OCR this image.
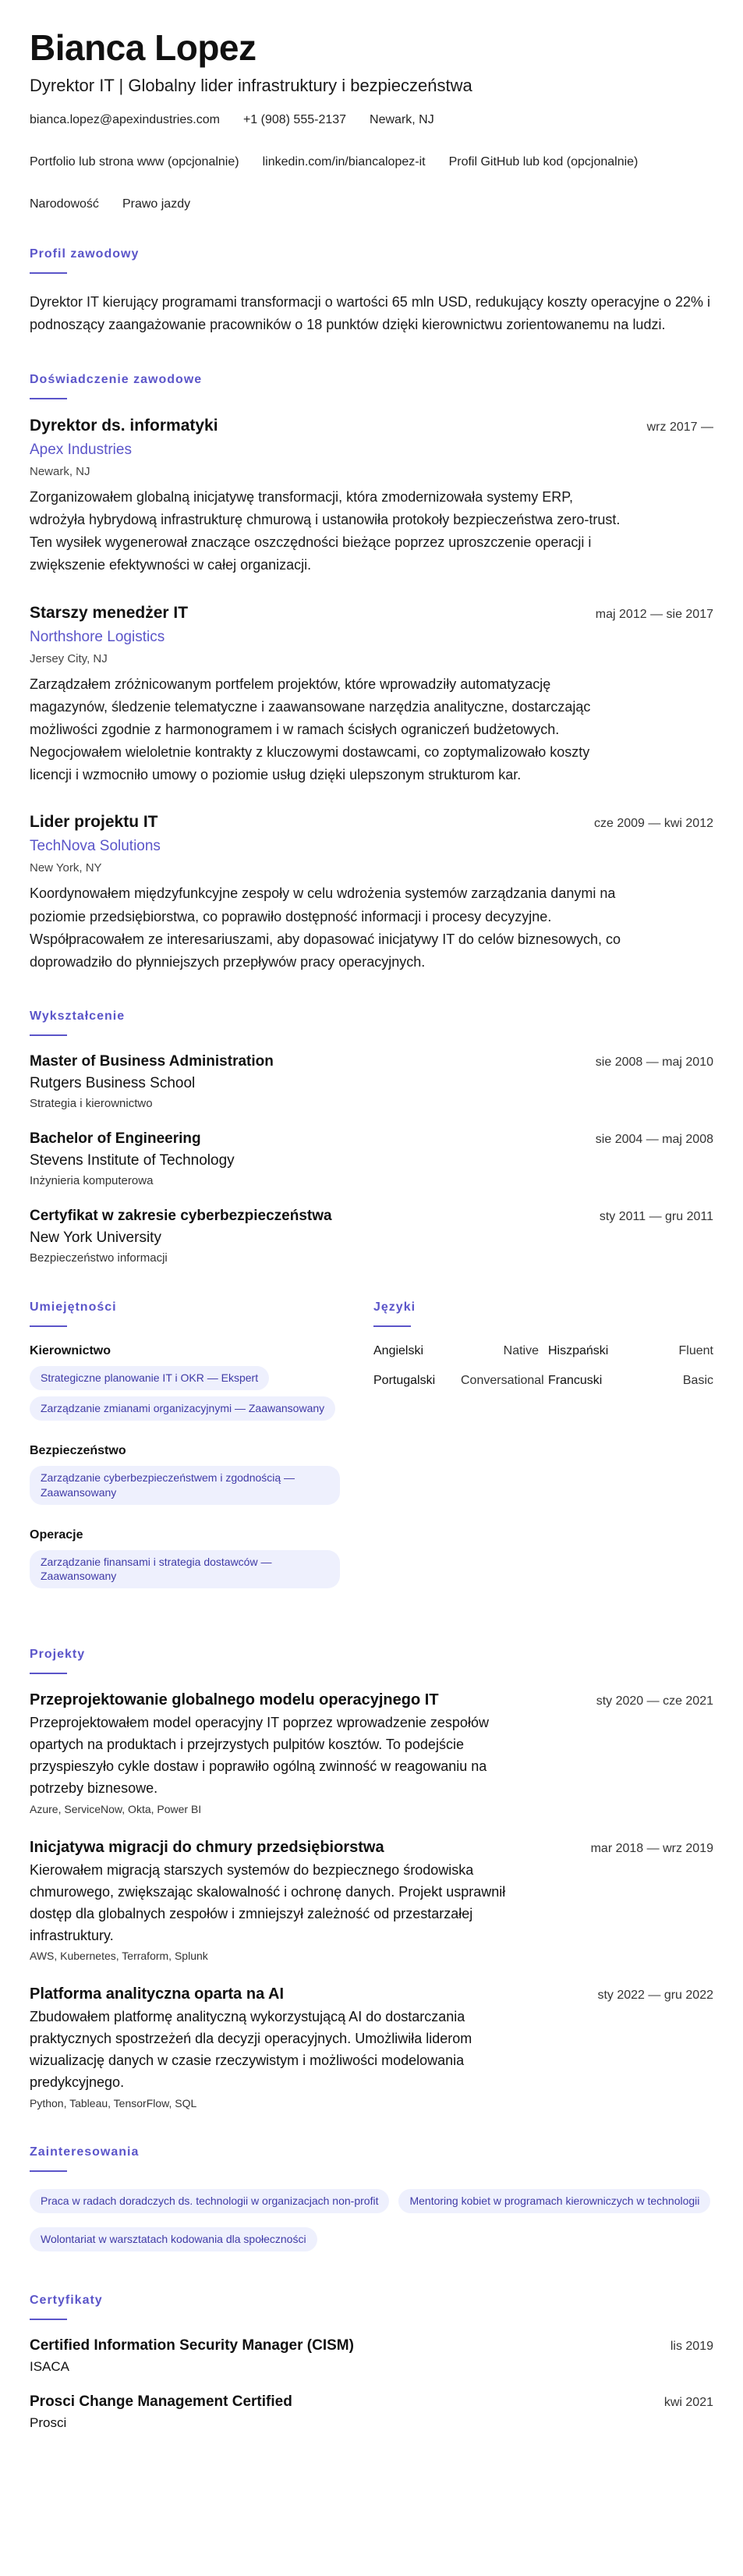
Bianca Lopez
Dyrektor IT | Globalny lider infrastruktury i bezpieczeństwa
bianca.lopez@apexindustries.com +1 (908) 555-2137 Newark, NJ
Portfolio lub strona www (opcjonalnie) linkedin.com/in/biancalopez-it Profil GitHub lub kod (opcjonalnie)
Narodowość Prawo jazdy
Profil zawodowy
Dyrektor IT kierujący programami transformacji o wartości 65 mln USD, redukujący koszty operacyjne o 22% i podnoszący zaangażowanie pracowników o 18 punktów dzięki kierownictwu zorientowanemu na ludzi.
Doświadczenie zawodowe
Dyrektor ds. informatyki	wrz 2017 —
Apex Industries
Newark, NJ
Zorganizowałem globalną inicjatywę transformacji, która zmodernizowała systemy ERP, wdrożyła hybrydową infrastrukturę chmurową i ustanowiła protokoły bezpieczeństwa zero-trust. Ten wysiłek wygenerował znaczące oszczędności bieżące poprzez uproszczenie operacji i zwiększenie efektywności w całej organizacji.
Starszy menedżer IT	maj 2012 — sie 2017
Northshore Logistics
Jersey City, NJ
Zarządzałem zróżnicowanym portfelem projektów, które wprowadziły automatyzację magazynów, śledzenie telematyczne i zaawansowane narzędzia analityczne, dostarczając możliwości zgodnie z harmonogramem i w ramach ścisłych ograniczeń budżetowych. Negocjowałem wieloletnie kontrakty z kluczowymi dostawcami, co zoptymalizowało koszty licencji i wzmocniło umowy o poziomie usług dzięki ulepszonym strukturom kar.
Lider projektu IT	cze 2009 — kwi 2012
TechNova Solutions
New York, NY
Koordynowałem międzyfunkcyjne zespoły w celu wdrożenia systemów zarządzania danymi na poziomie przedsiębiorstwa, co poprawiło dostępność informacji i procesy decyzyjne. Współpracowałem ze interesariuszami, aby dopasować inicjatywy IT do celów biznesowych, co doprowadziło do płynniejszych przepływów pracy operacyjnych.
Wykształcenie
Master of Business Administration	sie 2008 — maj 2010
Rutgers Business School
Strategia i kierownictwo
Bachelor of Engineering	sie 2004 — maj 2008
Stevens Institute of Technology
Inżynieria komputerowa
Certyfikat w zakresie cyberbezpieczeństwa	sty 2011 — gru 2011
New York University
Bezpieczeństwo informacji
Umiejętności
Kierownictwo
Strategiczne planowanie IT i OKR — Ekspert
Zarządzanie zmianami organizacyjnymi — Zaawansowany
Bezpieczeństwo
Zarządzanie cyberbezpieczeństwem i zgodnością — Zaawansowany
Operacje
Zarządzanie finansami i strategia dostawców — Zaawansowany
Języki
Angielski	Native Hiszpański	Fluent
Portugalski	Conversational Francuski	Basic
Projekty
Przeprojektowanie globalnego modelu operacyjnego IT	sty 2020 — cze 2021
Przeprojektowałem model operacyjny IT poprzez wprowadzenie zespołów opartych na produktach i przejrzystych pulpitów kosztów. To podejście przyspieszyło cykle dostaw i poprawiło ogólną zwinność w reagowaniu na potrzeby biznesowe.
Azure, ServiceNow, Okta, Power BI
Inicjatywa migracji do chmury przedsiębiorstwa	mar 2018 — wrz 2019
Kierowałem migracją starszych systemów do bezpiecznego środowiska chmurowego, zwiększając skalowalność i ochronę danych. Projekt usprawnił dostęp dla globalnych zespołów i zmniejszył zależność od przestarzałej infrastruktury.
AWS, Kubernetes, Terraform, Splunk
Platforma analityczna oparta na AI	sty 2022 — gru 2022
Zbudowałem platformę analityczną wykorzystującą AI do dostarczania praktycznych spostrzeżeń dla decyzji operacyjnych. Umożliwiła liderom wizualizację danych w czasie rzeczywistym i możliwości modelowania predykcyjnego.
Python, Tableau, TensorFlow, SQL
Zainteresowania
Praca w radach doradczych ds. technologii w organizacjach non-profit	Mentoring kobiet w programach kierowniczych w technologii
Wolontariat w warsztatach kodowania dla społeczności
Certyfikaty
Certified Information Security Manager (CISM)	lis 2019
ISACA
Prosci Change Management Certified	kwi 2021
Prosci
